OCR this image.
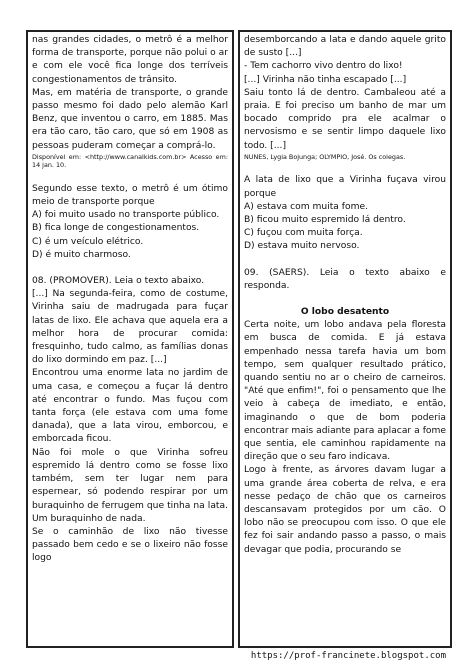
nas grandes cidades, o metrô é a melhor forma de transporte, porque não polui o ar e com ele você fica longe dos terríveis congestionamentos de trânsito.

Mas, em matéria de transporte, o grande passo mesmo foi dado pelo alemão Karl Benz, que inventou o carro, em 1885. Mas era tão caro, tão caro, que só em 1908 as pessoas puderam começar a comprá-lo.

Disponível em: <http://www.canalkids.com.br> Acesso em: 14 jan. 10.

Segundo esse texto, o metrô é um ótimo meio de transporte porque

A) foi muito usado no transporte público.

B) fica longe de congestionamentos.

C) é um veículo elétrico.

D) é muito charmoso.

08. (PROMOVER). Leia o texto abaixo.

[...] Na segunda-feira, como de costume, Virinha saiu de madrugada para fuçar latas de lixo. Ele achava que aquela era a melhor hora de procurar comida: fresquinho, tudo calmo, as famílias donas do lixo dormindo em paz. [...]

Encontrou uma enorme lata no jardim de uma casa, e começou a fuçar lá dentro até encontrar o fundo. Mas fuçou com tanta força (ele estava com uma fome danada), que a lata virou, emborcou, e emborcada ficou.

Não foi mole o que Virinha sofreu espremido lá dentro como se fosse lixo também, sem ter lugar nem para espernear, só podendo respirar por um buraquinho de ferrugem que tinha na lata. Um buraquinho de nada.

Se o caminhão de lixo não tivesse passado bem cedo e se o lixeiro não fosse logo

desemborcando a lata e dando aquele grito de susto [...]

- Tem cachorro vivo dentro do lixo!

[...] Virinha não tinha escapado [...]

Saiu tonto lá de dentro. Cambaleou até a praia. E foi preciso um banho de mar um bocado comprido pra ele acalmar o nervosismo e se sentir limpo daquele lixo todo. [...]

NUNES, Lygia Bojunga; OLYMPIO, José. Os colegas.

A lata de lixo que a Virinha fuçava virou porque

A) estava com muita fome.

B) ficou muito espremido lá dentro.

C) fuçou com muita força.

D) estava muito nervoso.

09. (SAERS). Leia o texto abaixo e responda.

O lobo desatento

Certa noite, um lobo andava pela floresta em busca de comida. E já estava empenhado nessa tarefa havia um bom tempo, sem qualquer resultado prático, quando sentiu no ar o cheiro de carneiros. "Até que enfim!", foi o pensamento que lhe veio à cabeça de imediato, e então, imaginando o que de bom poderia encontrar mais adiante para aplacar a fome que sentia, ele caminhou rapidamente na direção que o seu faro indicava.

Logo à frente, as árvores davam lugar a uma grande área coberta de relva, e era nesse pedaço de chão que os carneiros descansavam protegidos por um cão. O lobo não se preocupou com isso. O que ele fez foi sair andando passo a passo, o mais devagar que podia, procurando se

https://prof-francinete.blogspot.com
